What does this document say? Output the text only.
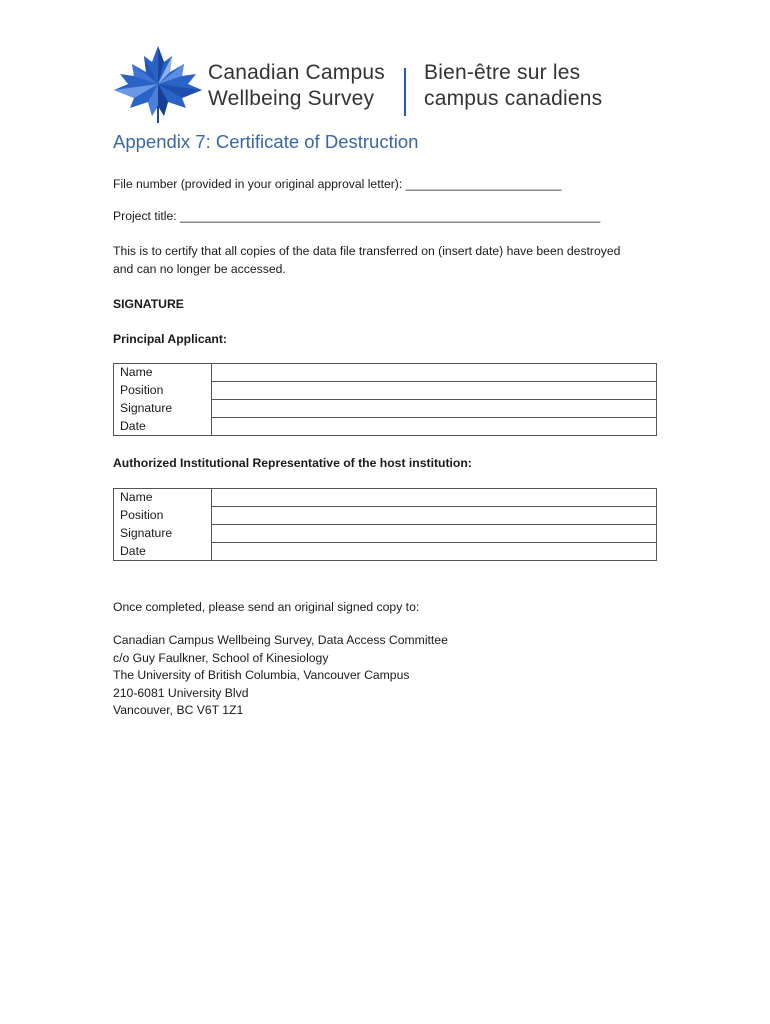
Canadian Campus
Wellbeing Survey
Bien-être sur les
campus canadiens
Appendix 7: Certificate of Destruction
File number (provided in your original approval letter): _______________________
Project title: ______________________________________________________________
This is to certify that all copies of the data file transferred on (insert date) have been destroyed
and can no longer be accessed.
SIGNATURE
Principal Applicant:
Name	
Position	
Signature	
Date	
Authorized Institutional Representative of the host institution:
Name	
Position	
Signature	
Date	
Once completed, please send an original signed copy to:
Canadian Campus Wellbeing Survey, Data Access Committee
c/o Guy Faulkner, School of Kinesiology
The University of British Columbia, Vancouver Campus
210-6081 University Blvd
Vancouver, BC V6T 1Z1
